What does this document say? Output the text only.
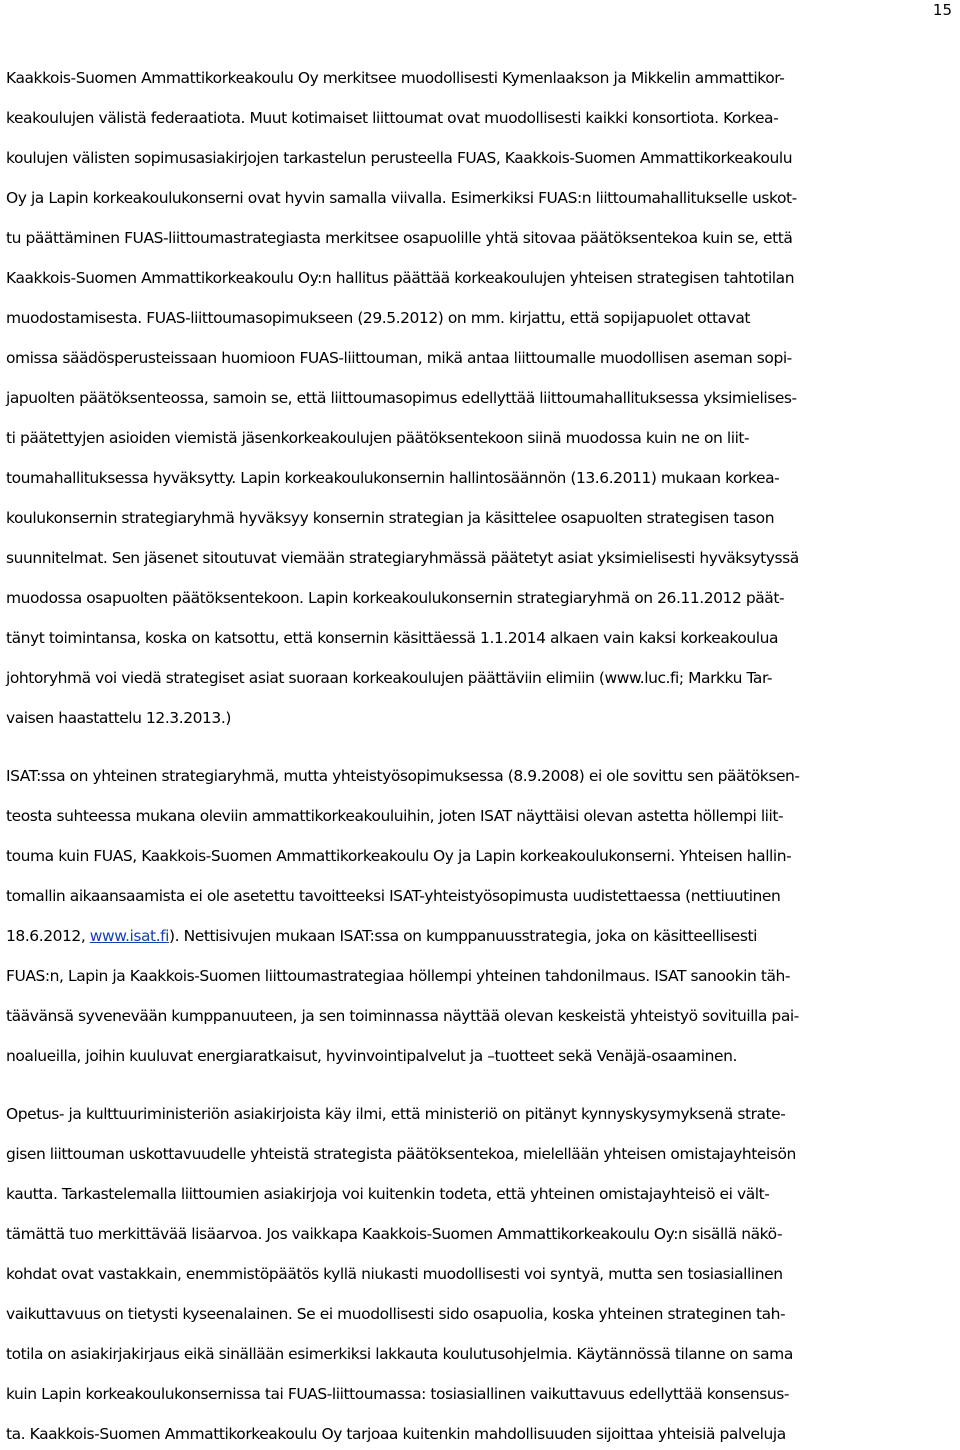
15
Kaakkois-Suomen Ammattikorkeakoulu Oy merkitsee muodollisesti Kymenlaakson ja Mikkelin ammattikor-
keakoulujen välistä federaatiota. Muut kotimaiset liittoumat ovat muodollisesti kaikki konsortiota. Korkea-
koulujen välisten sopimusasiakirjojen tarkastelun perusteella FUAS, Kaakkois-Suomen Ammattikorkeakoulu
Oy ja Lapin korkeakoulukonserni ovat hyvin samalla viivalla. Esimerkiksi FUAS:n liittoumahallitukselle uskot-
tu päättäminen FUAS-liittoumastrategiasta merkitsee osapuolille yhtä sitovaa päätöksentekoa kuin se, että
Kaakkois-Suomen Ammattikorkeakoulu Oy:n hallitus päättää korkeakoulujen yhteisen strategisen tahtotilan
muodostamisesta. FUAS-liittoumasopimukseen (29.5.2012) on mm. kirjattu, että sopijapuolet ottavat
omissa säädösperusteissaan huomioon FUAS-liittouman, mikä antaa liittoumalle muodollisen aseman sopi-
japuolten päätöksenteossa, samoin se, että liittoumasopimus edellyttää liittoumahallituksessa yksimielises-
ti päätettyjen asioiden viemistä jäsenkorkeakoulujen päätöksentekoon siinä muodossa kuin ne on liit-
toumahallituksessa hyväksytty. Lapin korkeakoulukonsernin hallintosäännön (13.6.2011) mukaan korkea-
koulukonsernin strategiaryhmä hyväksyy konsernin strategian ja käsittelee osapuolten strategisen tason
suunnitelmat. Sen jäsenet sitoutuvat viemään strategiaryhmässä päätetyt asiat yksimielisesti hyväksytyssä
muodossa osapuolten päätöksentekoon. Lapin korkeakoulukonsernin strategiaryhmä on 26.11.2012 päät-
tänyt toimintansa, koska on katsottu, että konsernin käsittäessä 1.1.2014 alkaen vain kaksi korkeakoulua
johtoryhmä voi viedä strategiset asiat suoraan korkeakoulujen päättäviin elimiin (www.luc.fi; Markku Tar-
vaisen haastattelu 12.3.2013.)
ISAT:ssa on yhteinen strategiaryhmä, mutta yhteistyösopimuksessa (8.9.2008) ei ole sovittu sen päätöksen-
teosta suhteessa mukana oleviin ammattikorkeakouluihin, joten ISAT näyttäisi olevan astetta höllempi liit-
touma kuin FUAS, Kaakkois-Suomen Ammattikorkeakoulu Oy ja Lapin korkeakoulukonserni. Yhteisen hallin-
tomallin aikaansaamista ei ole asetettu tavoitteeksi ISAT-yhteistyösopimusta uudistettaessa (nettiuutinen
18.6.2012, www.isat.fi). Nettisivujen mukaan ISAT:ssa on kumppanuusstrategia, joka on käsitteellisesti
FUAS:n, Lapin ja Kaakkois-Suomen liittoumastrategiaa höllempi yhteinen tahdonilmaus. ISAT sanookin täh-
täävänsä syvenevään kumppanuuteen, ja sen toiminnassa näyttää olevan keskeistä yhteistyö sovituilla pai-
noalueilla, joihin kuuluvat energiaratkaisut, hyvinvointipalvelut ja –tuotteet sekä Venäjä-osaaminen.
Opetus- ja kulttuuriministeriön asiakirjoista käy ilmi, että ministeriö on pitänyt kynnyskysymyksenä strate-
gisen liittouman uskottavuudelle yhteistä strategista päätöksentekoa, mielellään yhteisen omistajayhteisön
kautta. Tarkastelemalla liittoumien asiakirjoja voi kuitenkin todeta, että yhteinen omistajayhteisö ei vält-
tämättä tuo merkittävää lisäarvoa. Jos vaikkapa Kaakkois-Suomen Ammattikorkeakoulu Oy:n sisällä näkö-
kohdat ovat vastakkain, enemmistöpäätös kyllä niukasti muodollisesti voi syntyä, mutta sen tosiasiallinen
vaikuttavuus on tietysti kyseenalainen. Se ei muodollisesti sido osapuolia, koska yhteinen strateginen tah-
totila on asiakirjakirjaus eikä sinällään esimerkiksi lakkauta koulutusohjelmia. Käytännössä tilanne on sama
kuin Lapin korkeakoulukonsernissa tai FUAS-liittoumassa: tosiasiallinen vaikuttavuus edellyttää konsensus-
ta. Kaakkois-Suomen Ammattikorkeakoulu Oy tarjoaa kuitenkin mahdollisuuden sijoittaa yhteisiä palveluja
